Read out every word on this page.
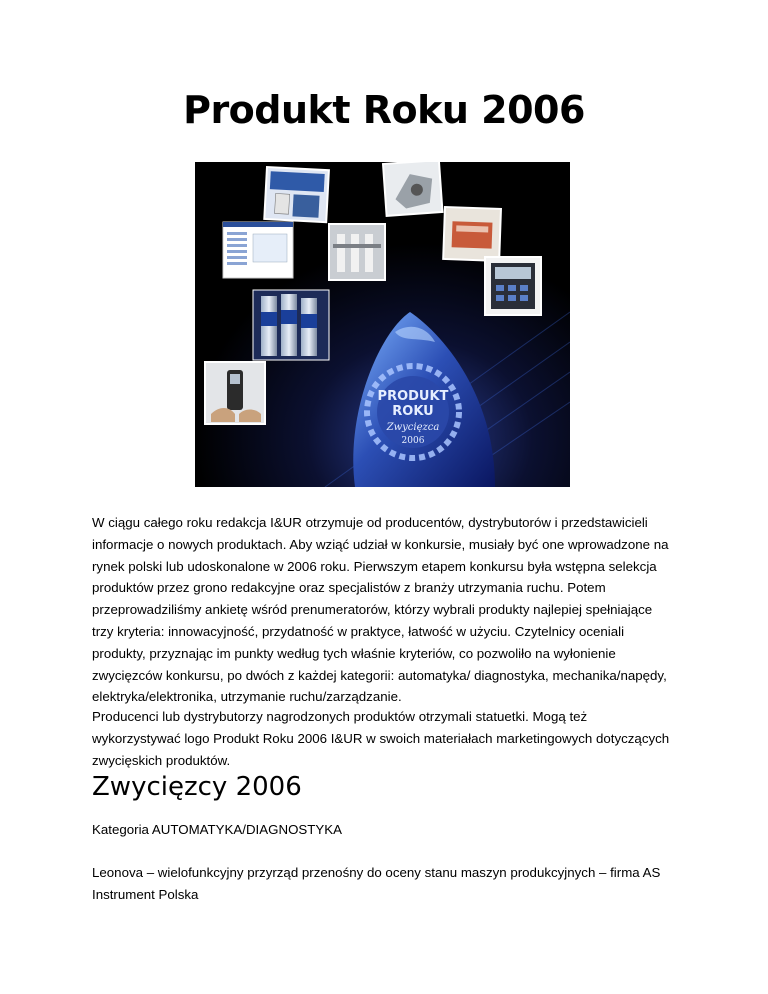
Produkt Roku 2006
PRODUKT
ROKU
Zwycięzca
2006

W ciągu całego roku redakcja I&UR otrzymuje od producentów, dystrybutorów i przedstawicieli informacje o nowych produktach. Aby wziąć udział w konkursie, musiały być one wprowadzone na rynek polski lub udoskonalone w 2006 roku. Pierwszym etapem konkursu była wstępna selekcja produktów przez grono redakcyjne oraz specjalistów z branży utrzymania ruchu. Potem przeprowadziliśmy ankietę wśród prenumeratorów, którzy wybrali produkty najlepiej spełniające trzy kryteria: innowacyjność, przydatność w praktyce, łatwość w użyciu. Czytelnicy oceniali produkty, przyznając im punkty według tych właśnie kryteriów, co pozwoliło na wyłonienie zwycięzców konkursu, po dwóch z każdej kategorii: automatyka/ diagnostyka, mechanika/napędy, elektryka/elektronika, utrzymanie ruchu/zarządzanie.

Producenci lub dystrybutorzy nagrodzonych produktów otrzymali statuetki. Mogą też wykorzystywać logo Produkt Roku 2006 I&UR w swoich materiałach marketingowych dotyczących zwycięskich produktów.

Zwycięzcy 2006

Kategoria AUTOMATYKA/DIAGNOSTYKA

Leonova – wielofunkcyjny przyrząd przenośny do oceny stanu maszyn produkcyjnych – firma AS Instrument Polska
